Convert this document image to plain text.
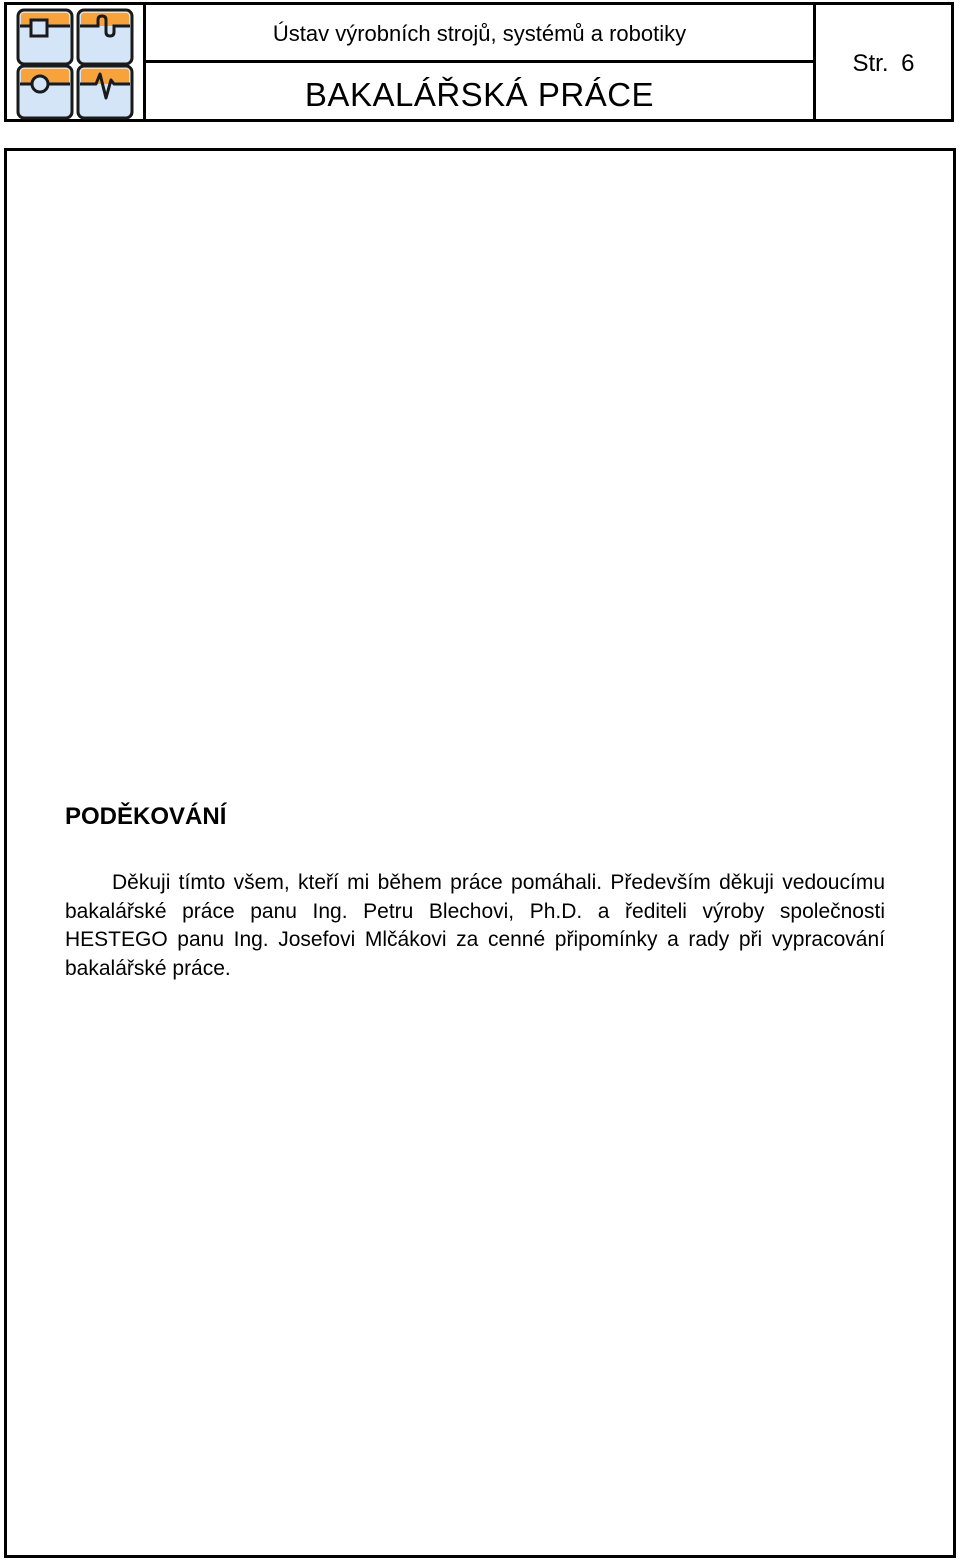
Ústav výrobních strojů, systémů a robotiky
BAKALÁŘSKÁ PRÁCE
Str. 6
PODĚKOVÁNÍ

Děkuji tímto všem, kteří mi během práce pomáhali. Především děkuji vedoucímu bakalářské práce panu Ing. Petru Blechovi, Ph.D. a řediteli výroby společnosti HESTEGO panu Ing. Josefovi Mlčákovi za cenné připomínky a rady při vypracování bakalářské práce.
